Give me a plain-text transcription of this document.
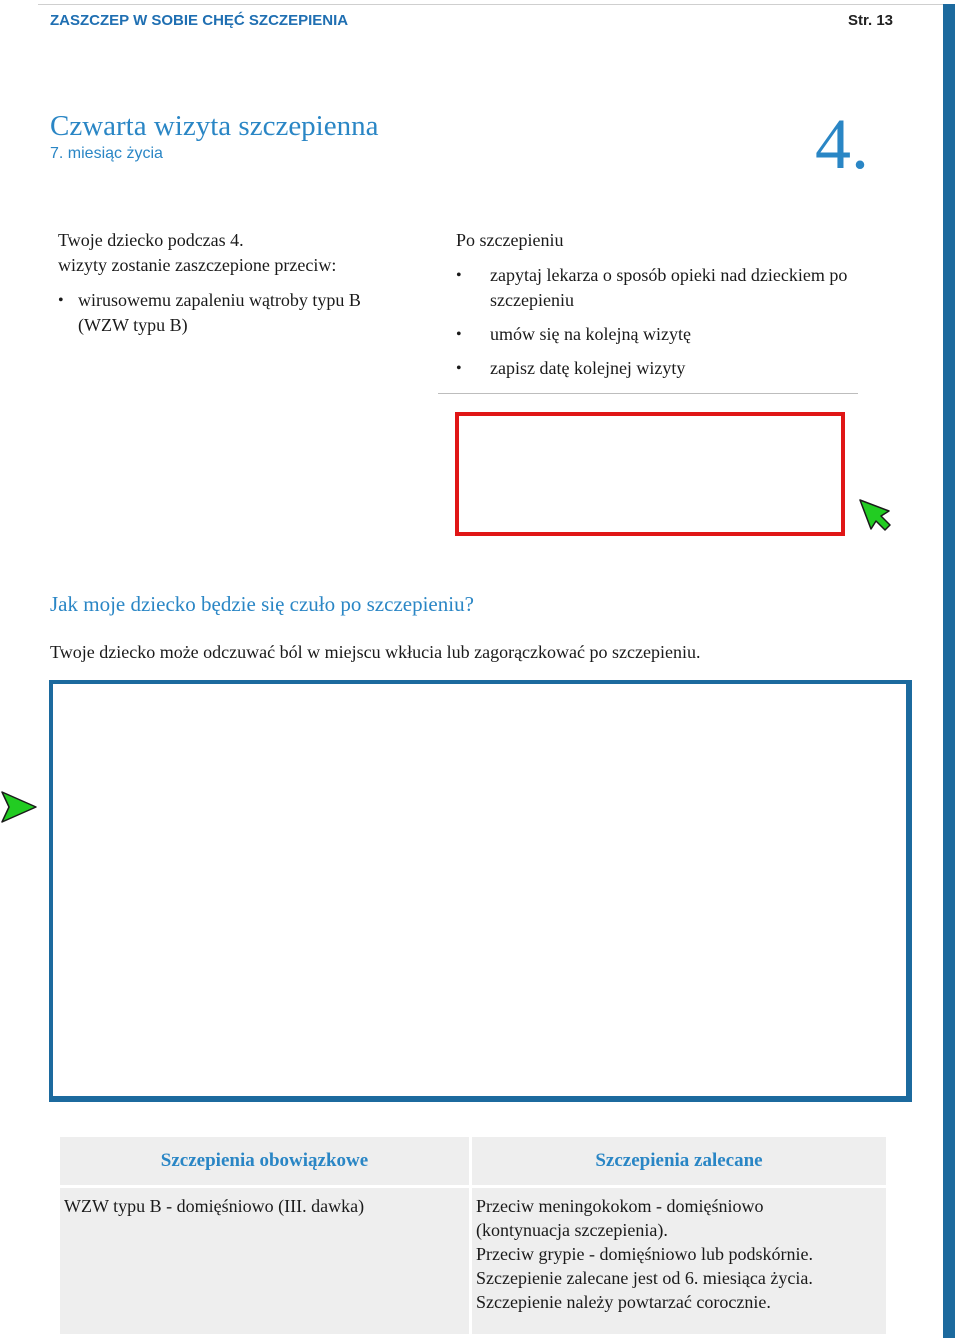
ZASZCZEP W SOBIE CHĘĆ SZCZEPIENIA	Str. 13
Czwarta wizyta szczepienna
7. miesiąc życia	4.
Twoje dziecko podczas 4.
wizyty zostanie zaszczepione przeciw:
• wirusowemu zapaleniu wątroby typu B (WZW typu B)
Po szczepieniu
• zapytaj lekarza o sposób opieki nad dzieckiem po szczepieniu
• umów się na kolejną wizytę
• zapisz datę kolejnej wizyty
Jak moje dziecko będzie się czuło po szczepieniu?
Twoje dziecko może odczuwać ból w miejscu wkłucia lub zagorączkować po szczepieniu.
Szczepienia obowiązkowe	Szczepienia zalecane
WZW typu B - domięśniowo (III. dawka)	Przeciw meningokokom - domięśniowo
(kontynuacja szczepienia).
Przeciw grypie - domięśniowo lub podskórnie.
Szczepienie zalecane jest od 6. miesiąca życia.
Szczepienie należy powtarzać corocznie.
